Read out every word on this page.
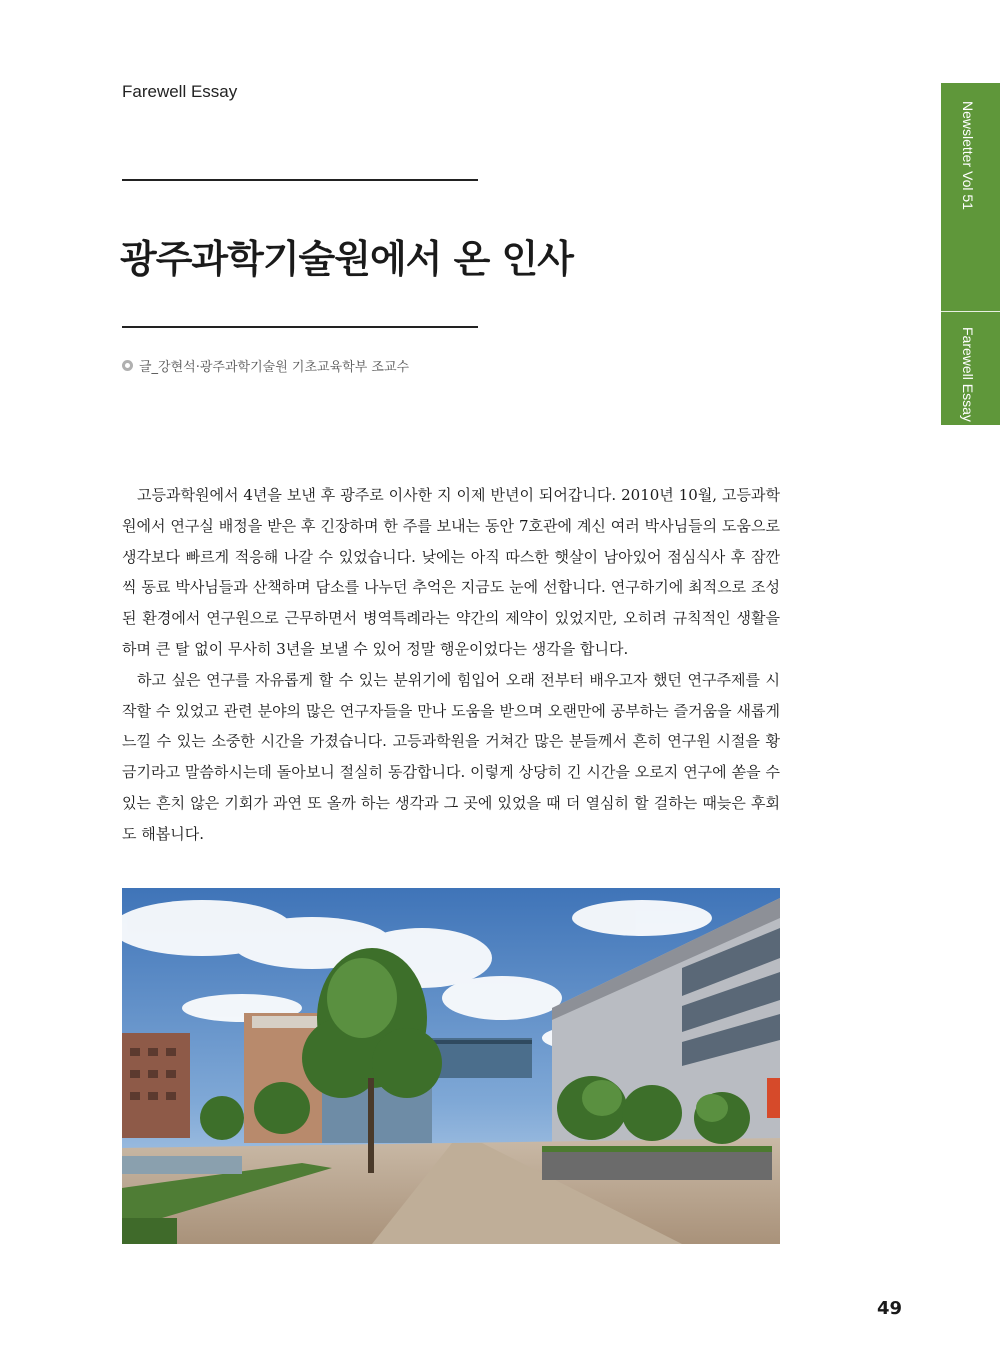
Farewell Essay
광주과학기술원에서 온 인사
글_강현석·광주과학기술원 기초교육학부 조교수
Newsletter Vol 51
Farewell Essay

고등과학원에서 4년을 보낸 후 광주로 이사한 지 이제 반년이 되어갑니다. 2010년 10월, 고등과학원에서 연구실 배정을 받은 후 긴장하며 한 주를 보내는 동안 7호관에 계신 여러 박사님들의 도움으로 생각보다 빠르게 적응해 나갈 수 있었습니다. 낮에는 아직 따스한 햇살이 남아있어 점심식사 후 잠깐씩 동료 박사님들과 산책하며 담소를 나누던 추억은 지금도 눈에 선합니다. 연구하기에 최적으로 조성된 환경에서 연구원으로 근무하면서 병역특례라는 약간의 제약이 있었지만, 오히려 규칙적인 생활을 하며 큰 탈 없이 무사히 3년을 보낼 수 있어 정말 행운이었다는 생각을 합니다.

하고 싶은 연구를 자유롭게 할 수 있는 분위기에 힘입어 오래 전부터 배우고자 했던 연구주제를 시작할 수 있었고 관련 분야의 많은 연구자들을 만나 도움을 받으며 오랜만에 공부하는 즐거움을 새롭게 느낄 수 있는 소중한 시간을 가졌습니다. 고등과학원을 거쳐간 많은 분들께서 흔히 연구원 시절을 황금기라고 말씀하시는데 돌아보니 절실히 동감합니다. 이렇게 상당히 긴 시간을 오로지 연구에 쏟을 수 있는 흔치 않은 기회가 과연 또 올까 하는 생각과 그 곳에 있었을 때 더 열심히 할 걸하는 때늦은 후회도 해봅니다.

49
